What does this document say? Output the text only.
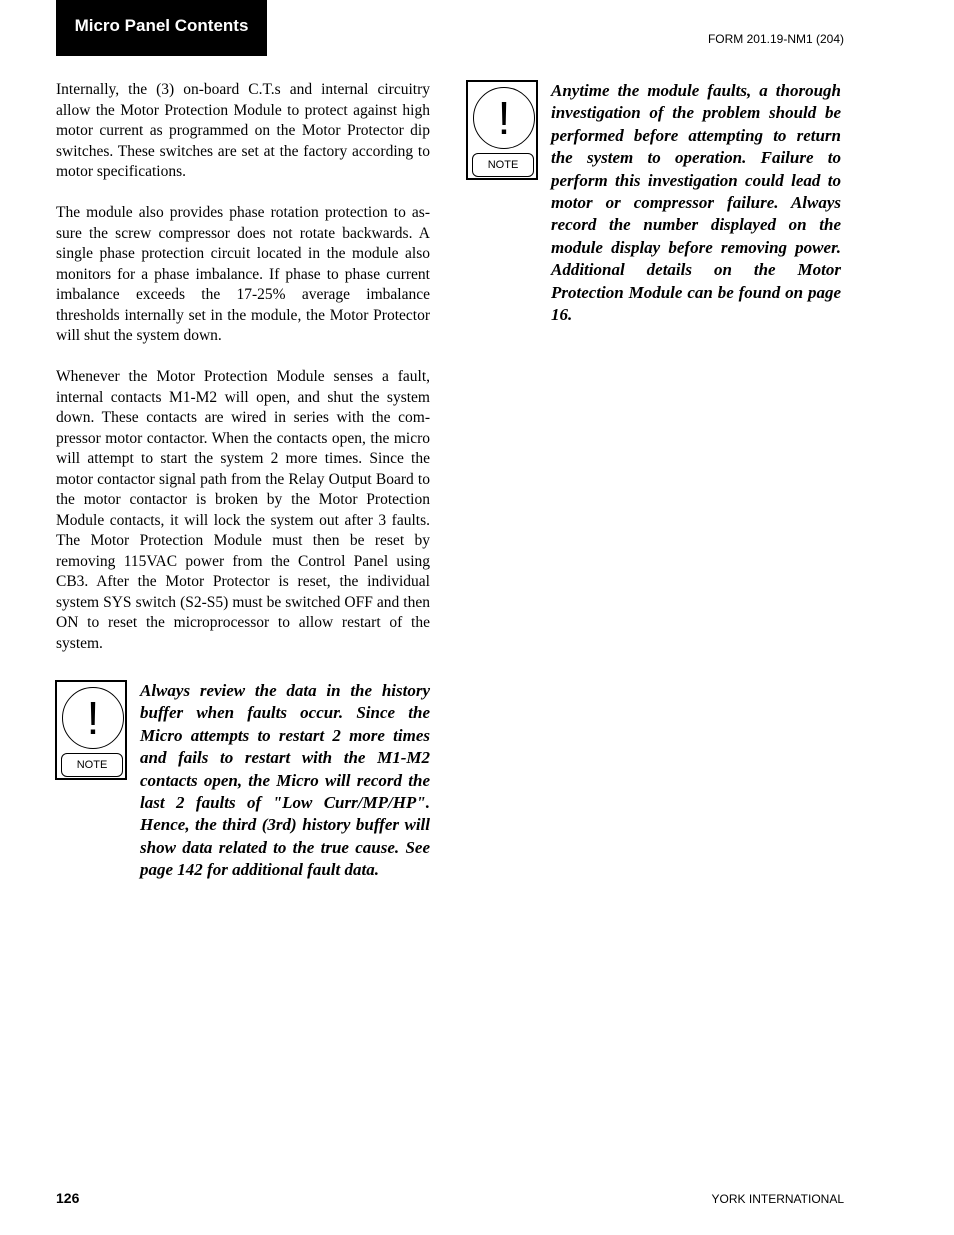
Micro Panel Contents
FORM 201.19-NM1 (204)

Internally, the (3) on-board C.T.s and internal circuitry allow the Motor Protection Module to protect against high motor current as programmed on the Motor Protector dip switches. These switches are set at the factory according to motor specifications.

The module also provides phase rotation protection to assure the screw compressor does not rotate backwards. A single phase protection circuit located in the module also monitors for a phase imbalance. If phase to phase current imbalance exceeds the 17-25% average imbalance thresholds internally set in the module, the Motor Protector will shut the system down.

Whenever the Motor Protection Module senses a fault, internal contacts M1-M2 will open, and shut the system down. These contacts are wired in series with the compressor motor contactor. When the contacts open, the micro will attempt to start the system 2 more times. Since the motor contactor signal path from the Relay Output Board to the motor contactor is broken by the Motor Protection Module contacts, it will lock the system out after 3 faults. The Motor Protection Module must then be reset by removing 115VAC power from the Control Panel using CB3. After the Motor Protector is reset, the individual system SYS switch (S2-S5) must be switched OFF and then ON to reset the microprocessor to allow restart of the system.

!
NOTE

Always review the data in the history buffer when faults occur. Since the Micro attempts to restart 2 more times and fails to restart with the M1-M2 contacts open, the Micro will record the last 2 faults of "Low Curr/MP/HP". Hence, the third (3rd) history buffer will show data related to the true cause. See page 142 for additional fault data.

!
NOTE

Anytime the module faults, a thorough investigation of the problem should be performed before attempting to return the system to operation. Failure to perform this investigation could lead to motor or compressor failure. Always record the number displayed on the module display before removing power. Additional details on the Motor Protection Module can be found on page 16.

126	YORK INTERNATIONAL
